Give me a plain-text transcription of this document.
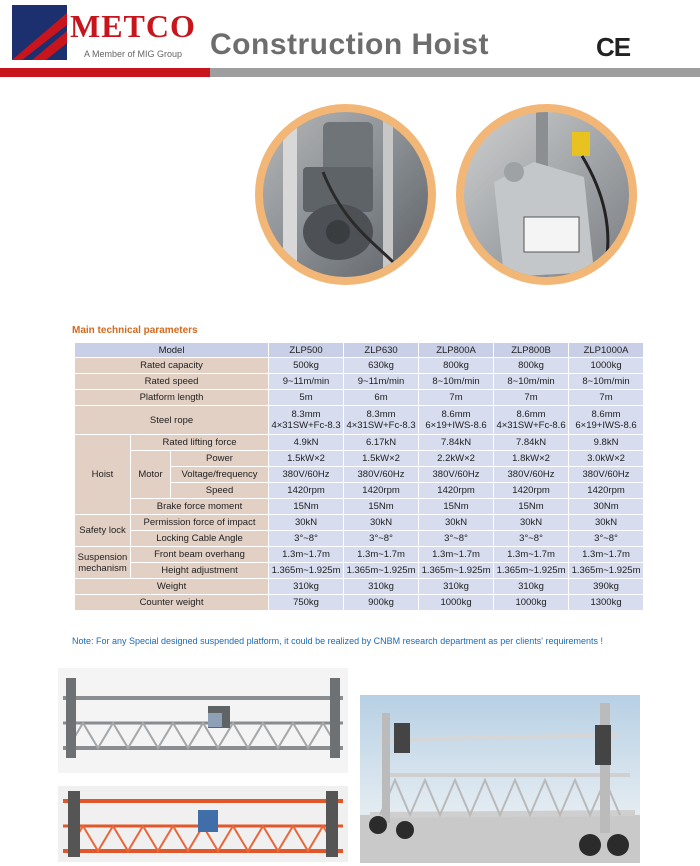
METCO
A Member of MIG Group Construction Hoist	CE
Main technical parameters
Model			ZLP500	ZLP630	ZLP800A	ZLP800B	ZLP1000A
Rated capacity			500kg	630kg	800kg	800kg	1000kg
Rated speed			9~11m/min	9~11m/min	8~10m/min	8~10m/min	8~10m/min
Platform length			5m	6m	7m	7m	7m
Steel rope			8.3mm
4×31SW+Fc-8.3	8.3mm
4×31SW+Fc-8.3	8.6mm
6×19+IWS-8.6	8.6mm
4×31SW+Fc-8.6	8.6mm
6×19+IWS-8.6
Hoist	Rated lifting force		4.9kN	6.17kN	7.84kN	7.84kN	9.8kN
	Motor	Power	1.5kW×2	1.5kW×2	2.2kW×2	1.8kW×2	3.0kW×2
		Voltage/frequency	380V/60Hz	380V/60Hz	380V/60Hz	380V/60Hz	380V/60Hz
		Speed	1420rpm	1420rpm	1420rpm	1420rpm	1420rpm
	Brake force moment		15Nm	15Nm	15Nm	15Nm	30Nm
Safety lock	Permission force of impact		30kN	30kN	30kN	30kN	30kN
	Locking Cable Angle		3°~8°	3°~8°	3°~8°	3°~8°	3°~8°
Suspension mechanism	Front beam overhang		1.3m~1.7m	1.3m~1.7m	1.3m~1.7m	1.3m~1.7m	1.3m~1.7m
	Height adjustment		1.365m~1.925m	1.365m~1.925m	1.365m~1.925m	1.365m~1.925m	1.365m~1.925m
Weight			310kg	310kg	310kg	310kg	390kg
Counter weight			750kg	900kg	1000kg	1000kg	1300kg
Note: For any Special designed suspended platform, it could be realized by CNBM research department as per clients' requirements !
